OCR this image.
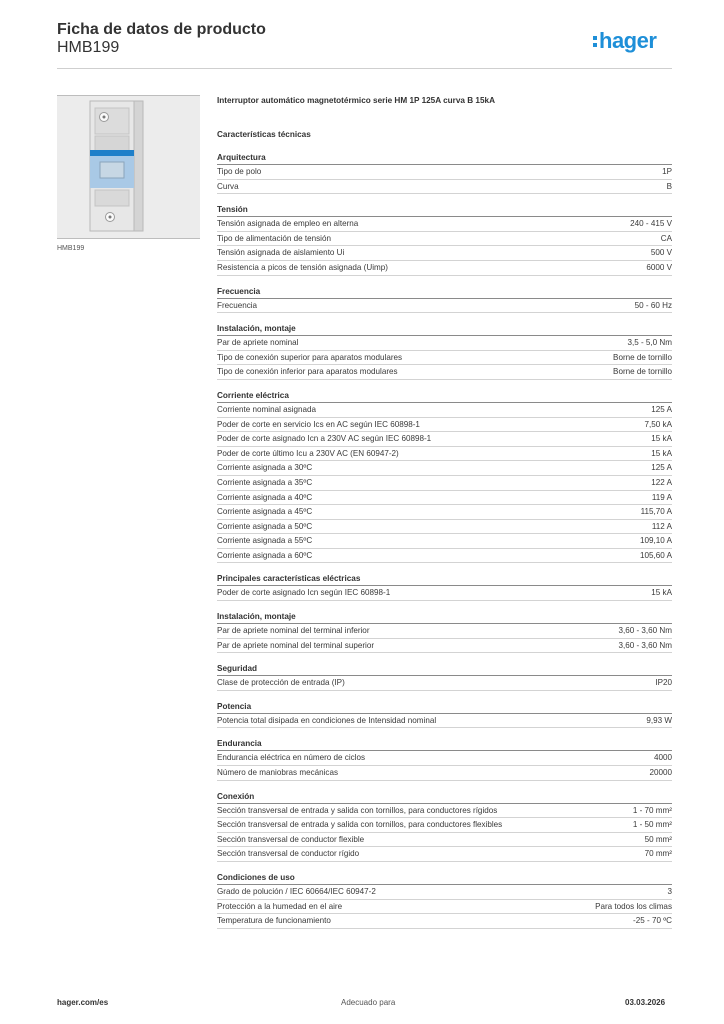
Ficha de datos de producto
HMB199	hager
HMB199
Interruptor automático magnetotérmico serie HM 1P 125A curva B 15kA
Características técnicas
Arquitectura
Tipo de polo	1P
Curva	B
Tensión
Tensión asignada de empleo en alterna	240 - 415 V
Tipo de alimentación de tensión	CA
Tensión asignada de aislamiento Ui	500 V
Resistencia a picos de tensión asignada (Uimp)	6000 V
Frecuencia
Frecuencia	50 - 60 Hz
Instalación, montaje
Par de apriete nominal	3,5 - 5,0 Nm
Tipo de conexión superior para aparatos modulares	Borne de tornillo
Tipo de conexión inferior para aparatos modulares	Borne de tornillo
Corriente eléctrica
Corriente nominal asignada	125 A
Poder de corte en servicio Ics en AC según IEC 60898-1	7,50 kA
Poder de corte asignado Icn a 230V AC según IEC 60898-1	15 kA
Poder de corte último Icu a 230V AC (EN 60947-2)	15 kA
Corriente asignada a 30ºC	125 A
Corriente asignada a 35ºC	122 A
Corriente asignada a 40ºC	119 A
Corriente asignada a 45ºC	115,70 A
Corriente asignada a 50ºC	112 A
Corriente asignada a 55ºC	109,10 A
Corriente asignada a 60ºC	105,60 A
Principales características eléctricas
Poder de corte asignado Icn según IEC 60898-1	15 kA
Instalación, montaje
Par de apriete nominal del terminal inferior	3,60 - 3,60 Nm
Par de apriete nominal del terminal superior	3,60 - 3,60 Nm
Seguridad
Clase de protección de entrada (IP)	IP20
Potencia
Potencia total disipada en condiciones de Intensidad nominal	9,93 W
Endurancia
Endurancia eléctrica en número de ciclos	4000
Número de maniobras mecánicas	20000
Conexión
Sección transversal de entrada y salida con tornillos, para conductores rígidos	1 - 70 mm²
Sección transversal de entrada y salida con tornillos, para conductores flexibles	1 - 50 mm²
Sección transversal de conductor flexible	50 mm²
Sección transversal de conductor rígido	70 mm²
Condiciones de uso
Grado de polución / IEC 60664/IEC 60947-2	3
Protección a la humedad en el aire	Para todos los climas
Temperatura de funcionamiento	-25 - 70 ºC
hager.com/es	Adecuado para	03.03.2026
